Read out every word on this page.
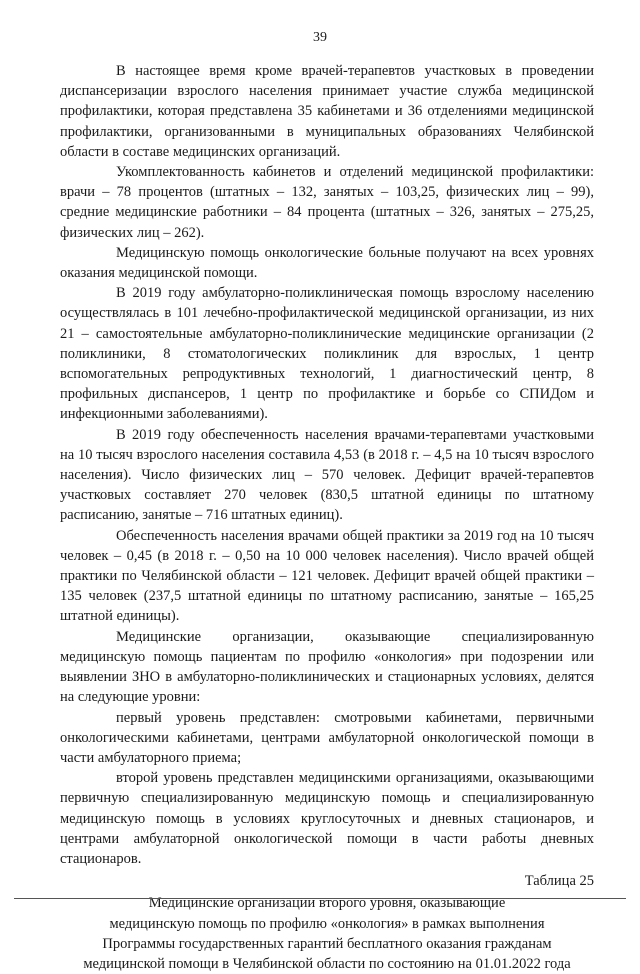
39

В настоящее время кроме врачей-терапевтов участковых в проведении диспансеризации взрослого населения принимает участие служба медицинской профилактики, которая представлена 35 кабинетами и 36 отделениями медицинской профилактики, организованными в муниципальных образованиях Челябинской области в составе медицинских организаций.

Укомплектованность кабинетов и отделений медицинской профилактики: врачи – 78 процентов (штатных – 132, занятых – 103,25, физических лиц – 99), средние медицинские работники – 84 процента (штатных – 326, занятых – 275,25, физических лиц – 262).

Медицинскую помощь онкологические больные получают на всех уровнях оказания медицинской помощи.

В 2019 году амбулаторно-поликлиническая помощь взрослому населению осуществлялась в 101 лечебно-профилактической медицинской организации, из них 21 – самостоятельные амбулаторно-поликлинические медицинские организации (2 поликлиники, 8 стоматологических поликлиник для взрослых, 1 центр вспомогательных репродуктивных технологий, 1 диагностический центр, 8 профильных диспансеров, 1 центр по профилактике и борьбе со СПИДом и инфекционными заболеваниями).

В 2019 году обеспеченность населения врачами-терапевтами участковыми на 10 тысяч взрослого населения составила 4,53 (в 2018 г. – 4,5 на 10 тысяч взрослого населения). Число физических лиц – 570 человек. Дефицит врачей-терапевтов участковых составляет 270 человек (830,5 штатной единицы по штатному расписанию, занятые – 716 штатных единиц).

Обеспеченность населения врачами общей практики за 2019 год на 10 тысяч человек – 0,45 (в 2018 г. – 0,50 на 10 000 человек населения). Число врачей общей практики по Челябинской области – 121 человек. Дефицит врачей общей практики – 135 человек (237,5 штатной единицы по штатному расписанию, занятые – 165,25 штатной единицы).

Медицинские организации, оказывающие специализированную медицинскую помощь пациентам по профилю «онкология» при подозрении или выявлении ЗНО в амбулаторно-поликлинических и стационарных условиях, делятся на следующие уровни:

первый уровень представлен: смотровыми кабинетами, первичными онкологическими кабинетами, центрами амбулаторной онкологической помощи в части амбулаторного приема;

второй уровень представлен медицинскими организациями, оказывающими первичную специализированную медицинскую помощь и специализированную медицинскую помощь в условиях круглосуточных и дневных стационаров, и центрами амбулаторной онкологической помощи в части работы дневных стационаров.

Таблица 25
Медицинские организации второго уровня, оказывающие
медицинскую помощь по профилю «онкология» в рамках выполнения
Программы государственных гарантий бесплатного оказания гражданам
медицинской помощи в Челябинской области по состоянию на 01.01.2022 года
